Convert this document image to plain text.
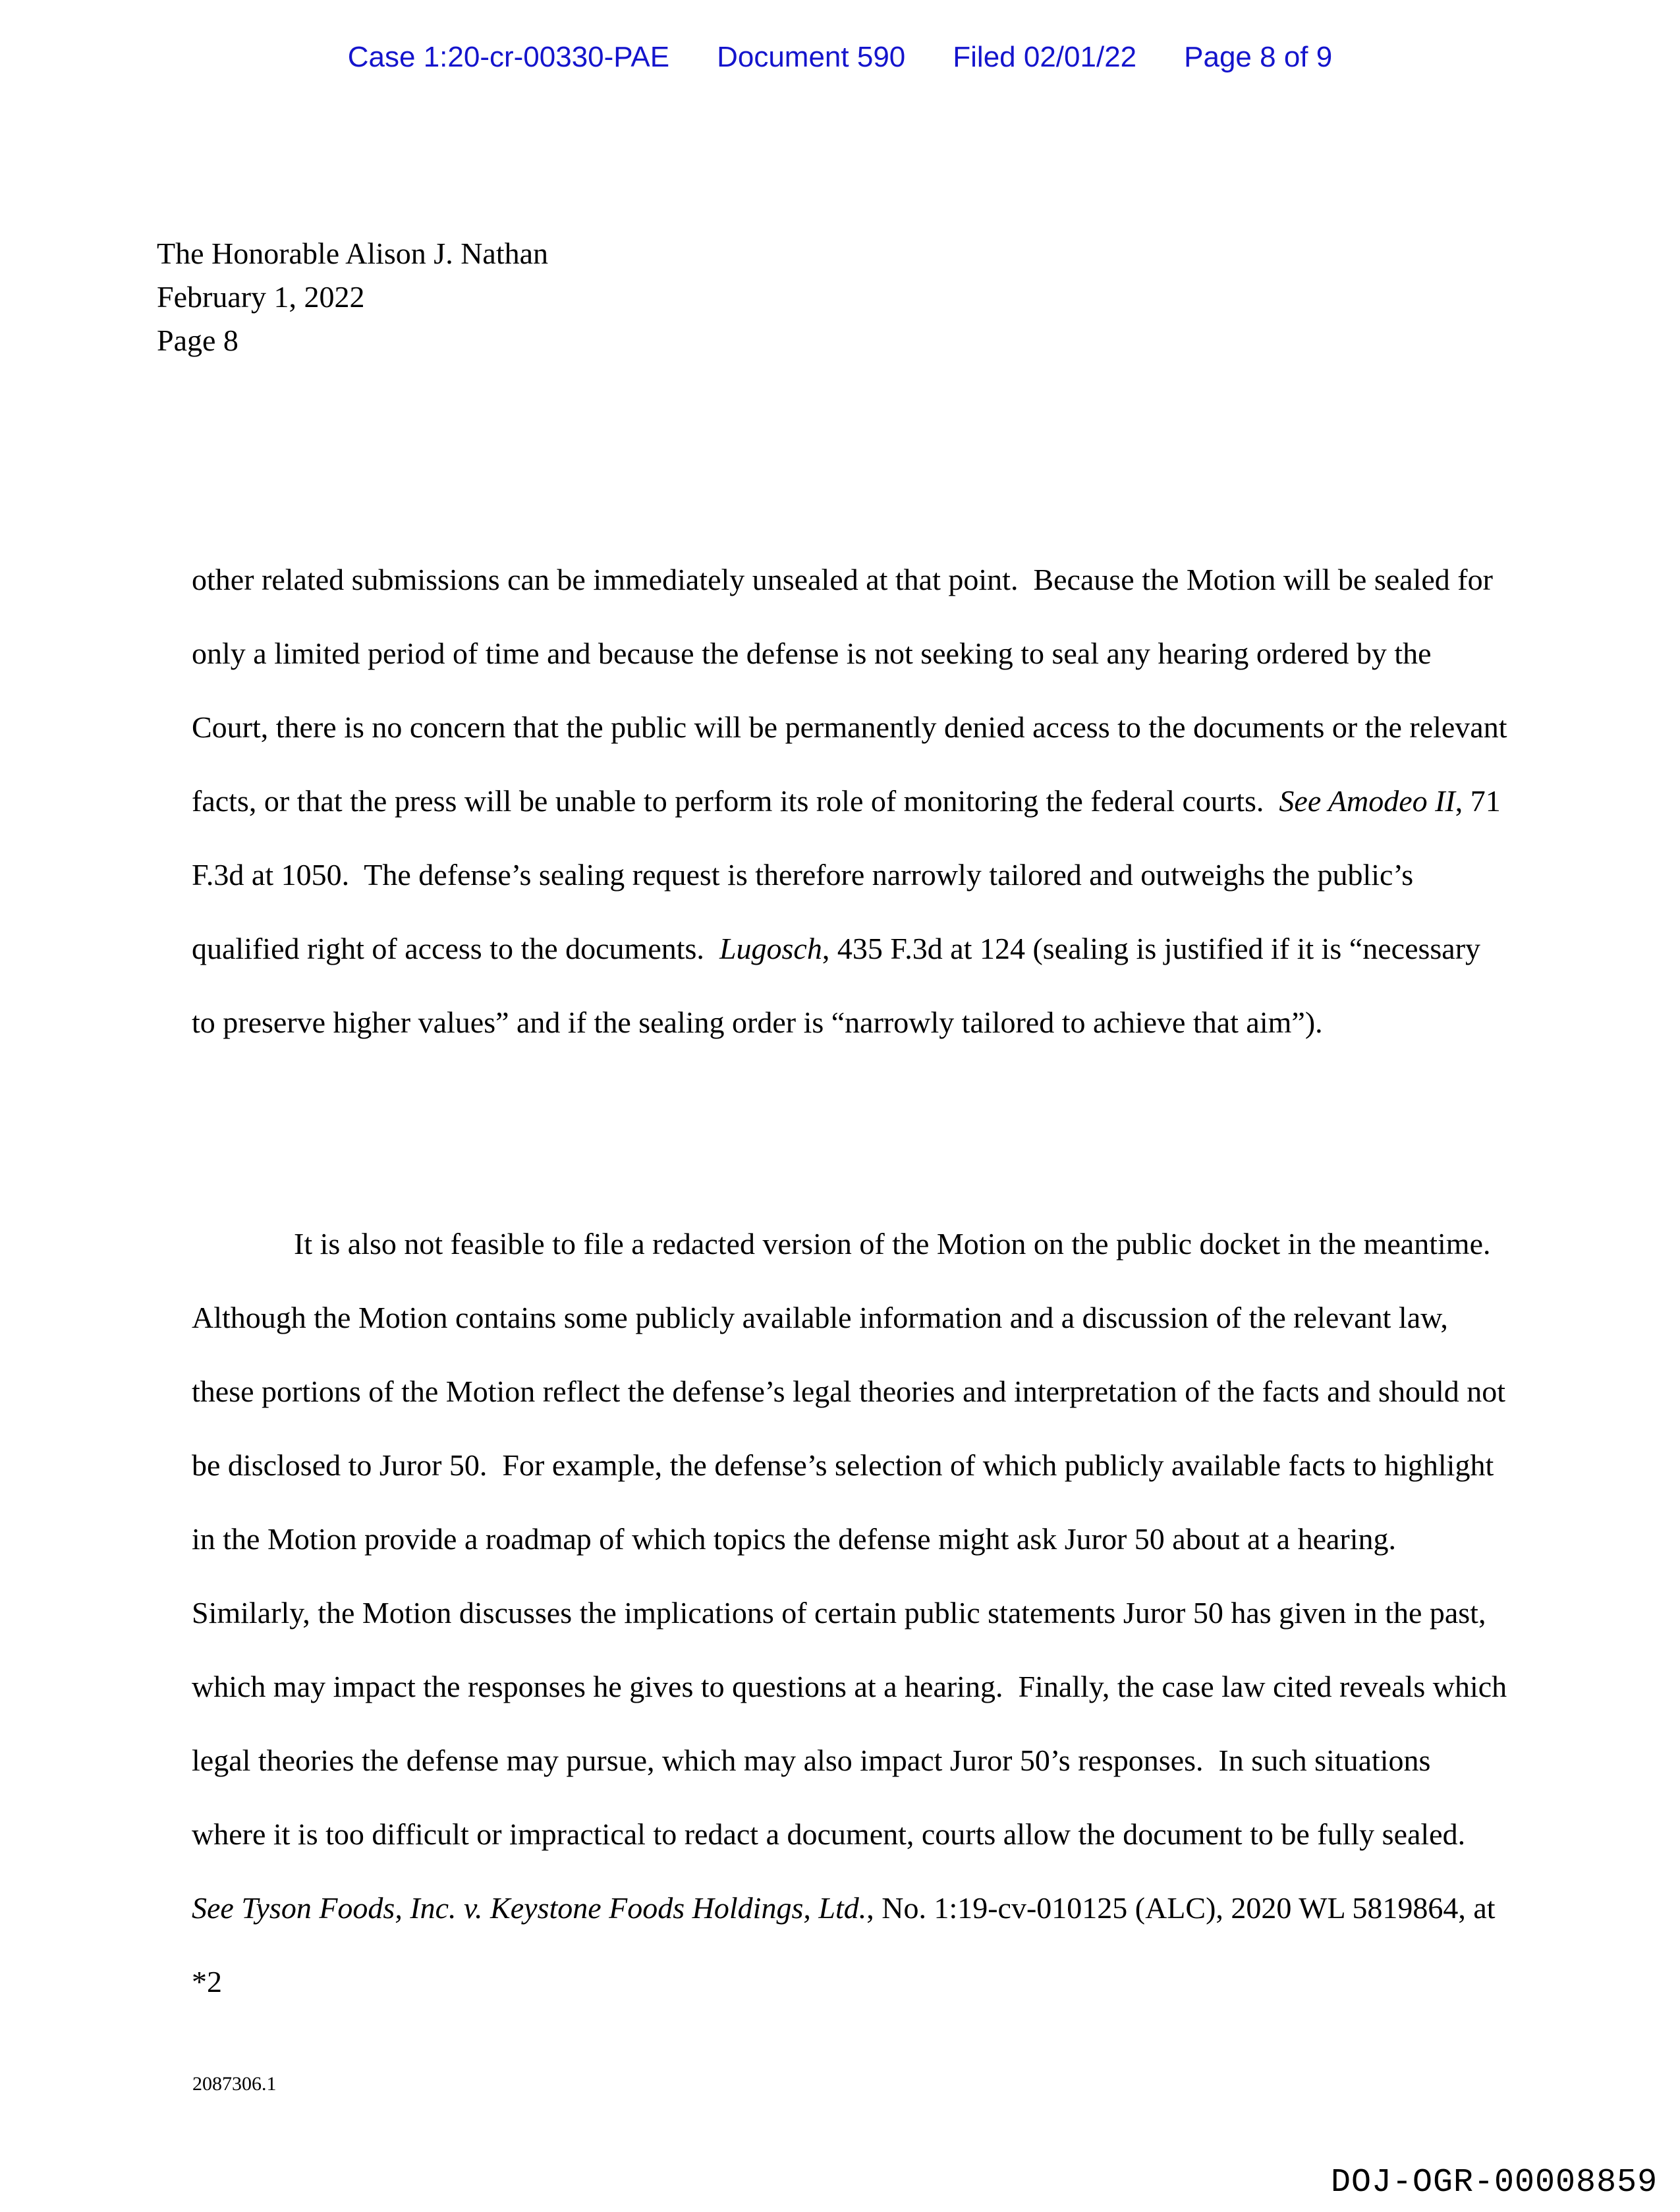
Case 1:20-cr-00330-PAE Document 590 Filed 02/01/22 Page 8 of 9
The Honorable Alison J. Nathan
February 1, 2022
Page 8

other related submissions can be immediately unsealed at that point.  Because the Motion will be sealed for only a limited period of time and because the defense is not seeking to seal any hearing ordered by the Court, there is no concern that the public will be permanently denied access to the documents or the relevant facts, or that the press will be unable to perform its role of monitoring the federal courts.  See Amodeo II, 71 F.3d at 1050.  The defense’s sealing request is therefore narrowly tailored and outweighs the public’s qualified right of access to the documents.  Lugosch, 435 F.3d at 124 (sealing is justified if it is “necessary to preserve higher values” and if the sealing order is “narrowly tailored to achieve that aim”).

It is also not feasible to file a redacted version of the Motion on the public docket in the meantime.  Although the Motion contains some publicly available information and a discussion of the relevant law, these portions of the Motion reflect the defense’s legal theories and interpretation of the facts and should not be disclosed to Juror 50.  For example, the defense’s selection of which publicly available facts to highlight in the Motion provide a roadmap of which topics the defense might ask Juror 50 about at a hearing.  Similarly, the Motion discusses the implications of certain public statements Juror 50 has given in the past, which may impact the responses he gives to questions at a hearing.  Finally, the case law cited reveals which legal theories the defense may pursue, which may also impact Juror 50’s responses.  In such situations where it is too difficult or impractical to redact a document, courts allow the document to be fully sealed.  See Tyson Foods, Inc. v. Keystone Foods Holdings, Ltd., No. 1:19-cv-010125 (ALC), 2020 WL 5819864, at *2

2087306.1
DOJ-OGR-00008859
